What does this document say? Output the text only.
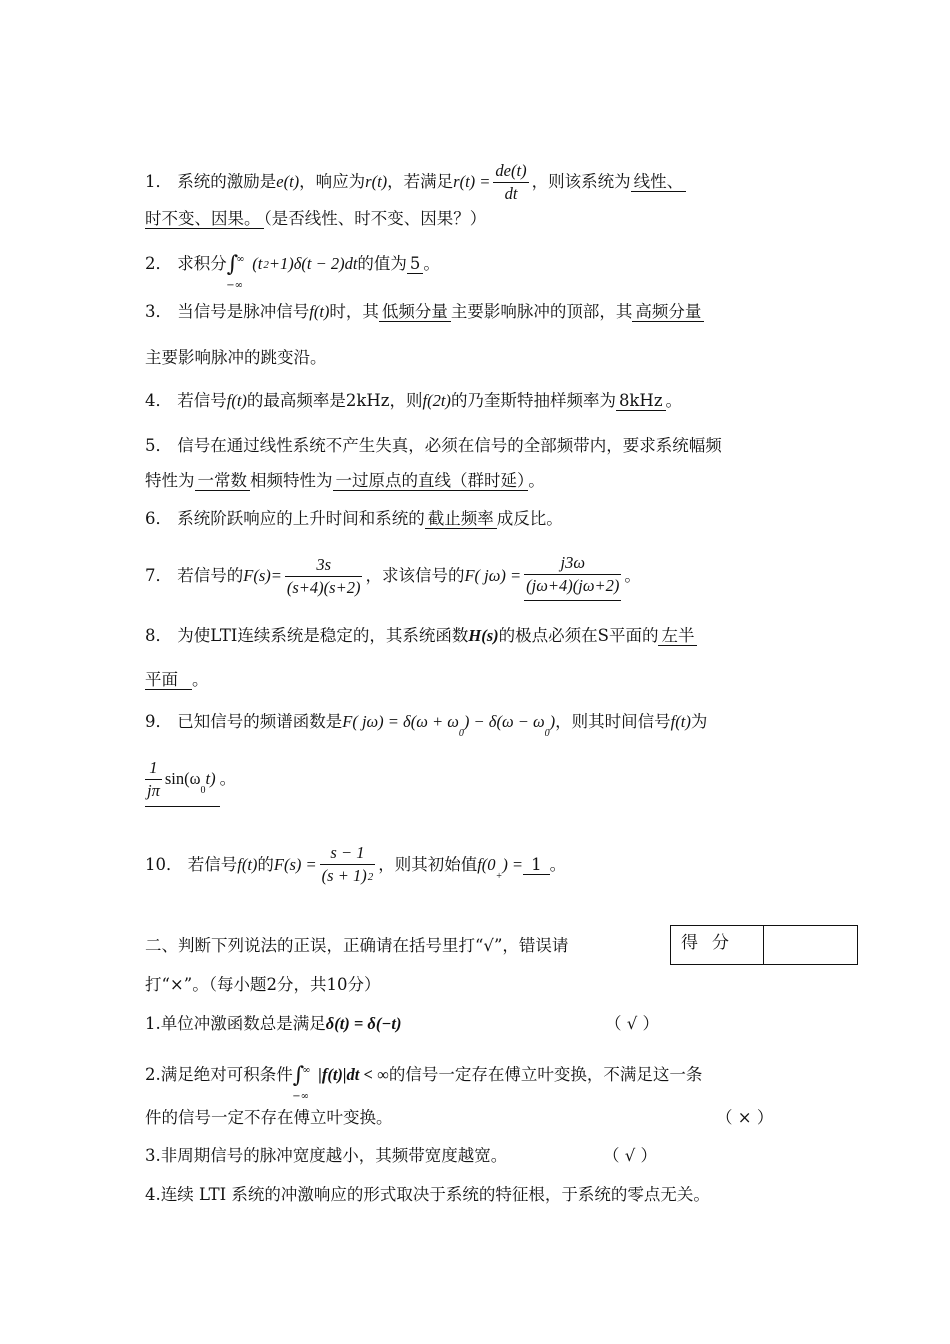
1． 系统的激励是e(t)，响应为r(t)，若满足$r(t) = \frac{de(t)}{dt}$ ，则该系统为 线性、
时不变、因果。 （是否线性、时不变、因果？）
2． 求积分∫
∞
−∞
(t2+1)δ(t − 2)dt的值为 5 。
3． 当信号是脉冲信号f(t)时，其 低频分量 主要影响脉冲的顶部，其 高频分量
主要影响脉冲的跳变沿。
4． 若信号f(t)的最高频率是2kHz，则f(2t)的乃奎斯特抽样频率为 8kHz 。
5． 信号在通过线性系统不产生失真，必须在信号的全部频带内，要求系统幅频
特性为 一常数 相频特性为 一过原点的直线（群时延） 。
6． 系统阶跃响应的上升时间和系统的 截止频率 成反比。
7． 若信号的$F(s)= \frac{3s}{(s+4)(s+2)}$ ，求该信号的F( $j\omega) = \frac{j3\omega}{(j\omega+4)(j\omega+2)}$ 。
8． 为使LTI连续系统是稳定的，其系统函数H(s)的极点必须在S平面的 左半
平面 。
9． 已知信号的频谱函数是F( $j\omega) = \delta(\omega + \omega_0) - \delta(\omega - \omega_0)$，则其时间信号f(t)为
$\frac{1}{j\pi} \sin(\omega_0t)$ 。
10． 若信号f(t)的$F(s) = \frac{s - 1}{(s + 1)2}$ ，则其初始值$f(0_+) = 1$ 。
二、判断下列说法的正误，正确请在括号里打“√”，错误请
打“×”。（每小题2分，共10分）
得分
1.单位冲激函数总是满足δ(t) = δ(−t)	（ √ ）
2.满足绝对可积条件∫
∞
−∞
|f(t)|dt < ∞的信号一定存在傅立叶变换，不满足这一条
件的信号一定不存在傅立叶变换。	（ × ）
3.非周期信号的脉冲宽度越小，其频带宽度越宽。	（ √ ）
4.连续 LTI 系统的冲激响应的形式取决于系统的特征根，于系统的零点无关。
